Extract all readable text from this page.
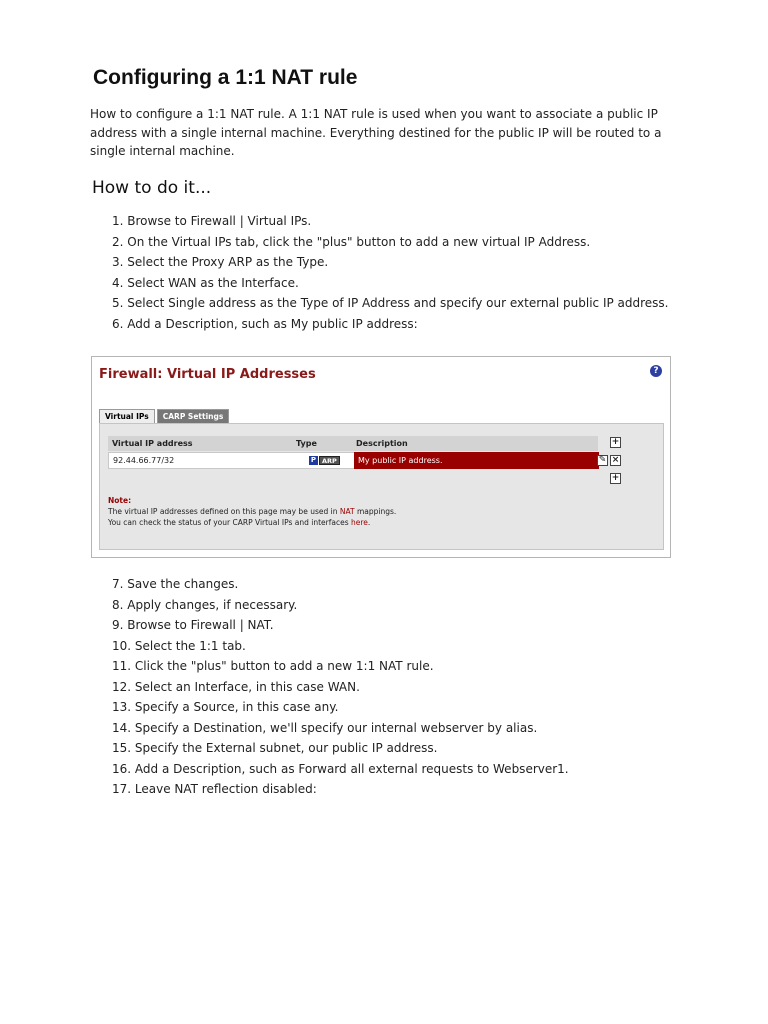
Configuring a 1:1 NAT rule

How to configure a 1:1 NAT rule. A 1:1 NAT rule is used when you want to associate a public IP address with a single internal machine. Everything destined for the public IP will be routed to a single internal machine.

How to do it...
1. Browse to Firewall | Virtual IPs.
2. On the Virtual IPs tab, click the "plus" button to add a new virtual IP Address.
3. Select the Proxy ARP as the Type.
4. Select WAN as the Interface.
5. Select Single address as the Type of IP Address and specify our external public IP address.
6. Add a Description, such as My public IP address:
Firewall: Virtual IP Addresses	?
Virtual IPs	CARP Settings
Virtual IP address	Type	Description	+
92.44.66.77/32	P ARP	My public IP address.	✎ ×
+
Note:
The virtual IP addresses defined on this page may be used in NAT mappings.
You can check the status of your CARP Virtual IPs and interfaces here.
7. Save the changes.
8. Apply changes, if necessary.
9. Browse to Firewall | NAT.
10. Select the 1:1 tab.
11. Click the "plus" button to add a new 1:1 NAT rule.
12. Select an Interface, in this case WAN.
13. Specify a Source, in this case any.
14. Specify a Destination, we'll specify our internal webserver by alias.
15. Specify the External subnet, our public IP address.
16. Add a Description, such as Forward all external requests to Webserver1.
17. Leave NAT reflection disabled:
